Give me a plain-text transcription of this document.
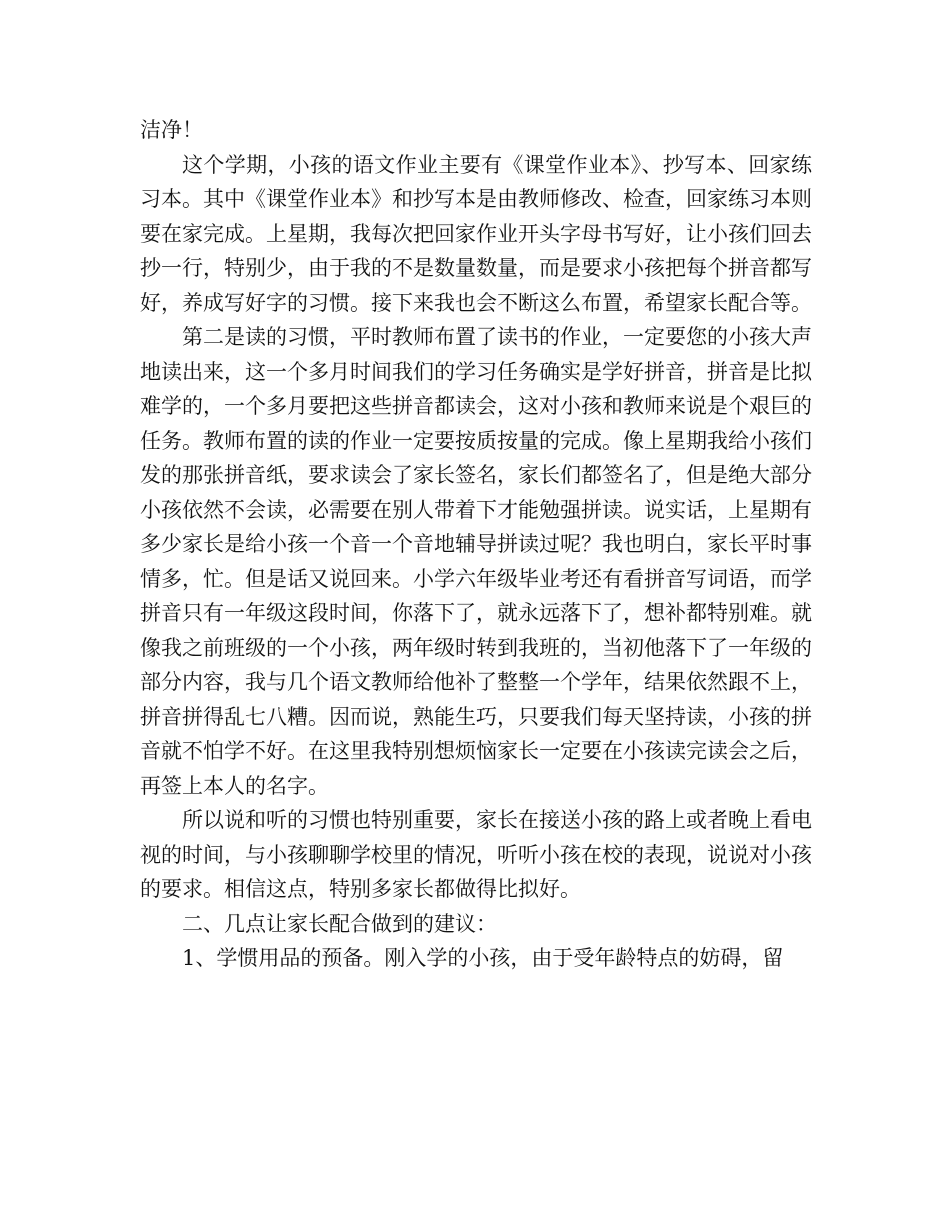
洁净！

这个学期，小孩的语文作业主要有《课堂作业本》、抄写本、回家练习本。其中《课堂作业本》和抄写本是由教师修改、检查，回家练习本则要在家完成。上星期，我每次把回家作业开头字母书写好，让小孩们回去抄一行，特别少，由于我的不是数量数量，而是要求小孩把每个拼音都写好，养成写好字的习惯。接下来我也会不断这么布置，希望家长配合等。

第二是读的习惯，平时教师布置了读书的作业，一定要您的小孩大声地读出来，这一个多月时间我们的学习任务确实是学好拼音，拼音是比拟难学的，一个多月要把这些拼音都读会，这对小孩和教师来说是个艰巨的任务。教师布置的读的作业一定要按质按量的完成。像上星期我给小孩们发的那张拼音纸，要求读会了家长签名，家长们都签名了，但是绝大部分小孩依然不会读，必需要在别人带着下才能勉强拼读。说实话，上星期有多少家长是给小孩一个音一个音地辅导拼读过呢？我也明白，家长平时事情多，忙。但是话又说回来。小学六年级毕业考还有看拼音写词语，而学拼音只有一年级这段时间，你落下了，就永远落下了，想补都特别难。就像我之前班级的一个小孩，两年级时转到我班的，当初他落下了一年级的部分内容，我与几个语文教师给他补了整整一个学年，结果依然跟不上，拼音拼得乱七八糟。因而说，熟能生巧，只要我们每天坚持读，小孩的拼音就不怕学不好。在这里我特别想烦恼家长一定要在小孩读完读会之后，再签上本人的名字。

所以说和听的习惯也特别重要，家长在接送小孩的路上或者晚上看电视的时间，与小孩聊聊学校里的情况，听听小孩在校的表现，说说对小孩的要求。相信这点，特别多家长都做得比拟好。

二、几点让家长配合做到的建议：

1、学惯用品的预备。刚入学的小孩，由于受年龄特点的妨碍，留
